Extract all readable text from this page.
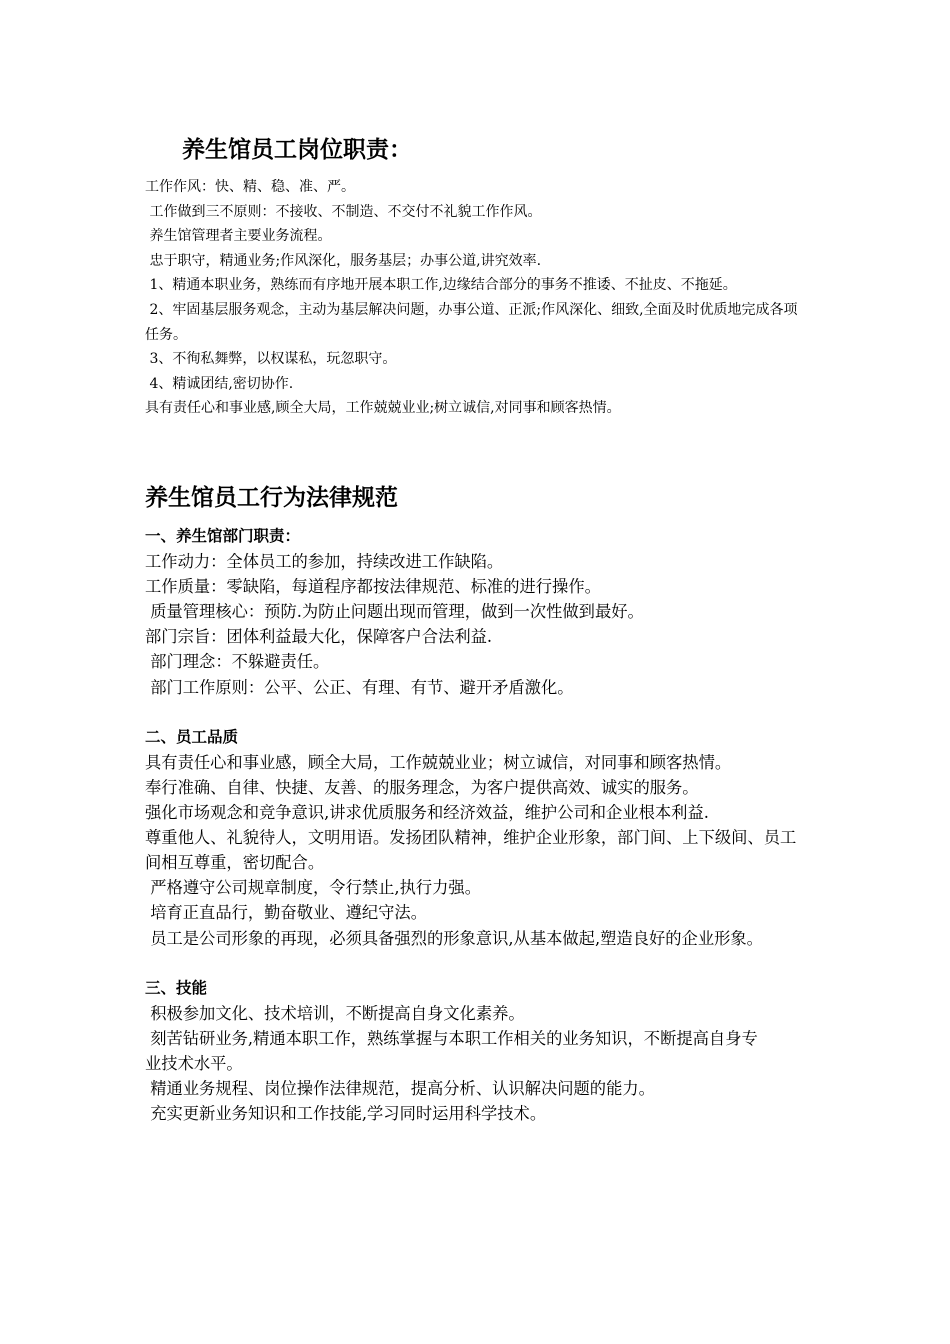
养生馆员工岗位职责：

工作作风：快、精、稳、准、严。

工作做到三不原则：不接收、不制造、不交付不礼貌工作作风。

养生馆管理者主要业务流程。

忠于职守，精通业务;作风深化，服务基层；办事公道,讲究效率.

1、精通本职业务，熟练而有序地开展本职工作,边缘结合部分的事务不推诿、不扯皮、不拖延。

2、牢固基层服务观念，主动为基层解决问题，办事公道、正派;作风深化、细致,全面及时优质地完成各项任务。

3、不徇私舞弊，以权谋私，玩忽职守。

4、精诚团结,密切协作.

具有责任心和事业感,顾全大局，工作兢兢业业;树立诚信,对同事和顾客热情。

养生馆员工行为法律规范

一、养生馆部门职责：

工作动力：全体员工的参加，持续改进工作缺陷。

工作质量：零缺陷，每道程序都按法律规范、标准的进行操作。

质量管理核心：预防.为防止问题出现而管理，做到一次性做到最好。

部门宗旨：团体利益最大化，保障客户合法利益.

部门理念：不躲避责任。

部门工作原则：公平、公正、有理、有节、避开矛盾激化。

二、员工品质

具有责任心和事业感，顾全大局，工作兢兢业业；树立诚信，对同事和顾客热情。

奉行准确、自律、快捷、友善、的服务理念，为客户提供高效、诚实的服务。

强化市场观念和竞争意识,讲求优质服务和经济效益，维护公司和企业根本利益.

尊重他人、礼貌待人，文明用语。发扬团队精神，维护企业形象，部门间、上下级间、员工间相互尊重，密切配合。

严格遵守公司规章制度，令行禁止,执行力强。

培育正直品行，勤奋敬业、遵纪守法。

员工是公司形象的再现，必须具备强烈的形象意识,从基本做起,塑造良好的企业形象。

三、技能

积极参加文化、技术培训，不断提高自身文化素养。

刻苦钻研业务,精通本职工作，熟练掌握与本职工作相关的业务知识，不断提高自身专

业技术水平。

精通业务规程、岗位操作法律规范，提高分析、认识解决问题的能力。

充实更新业务知识和工作技能,学习同时运用科学技术。
